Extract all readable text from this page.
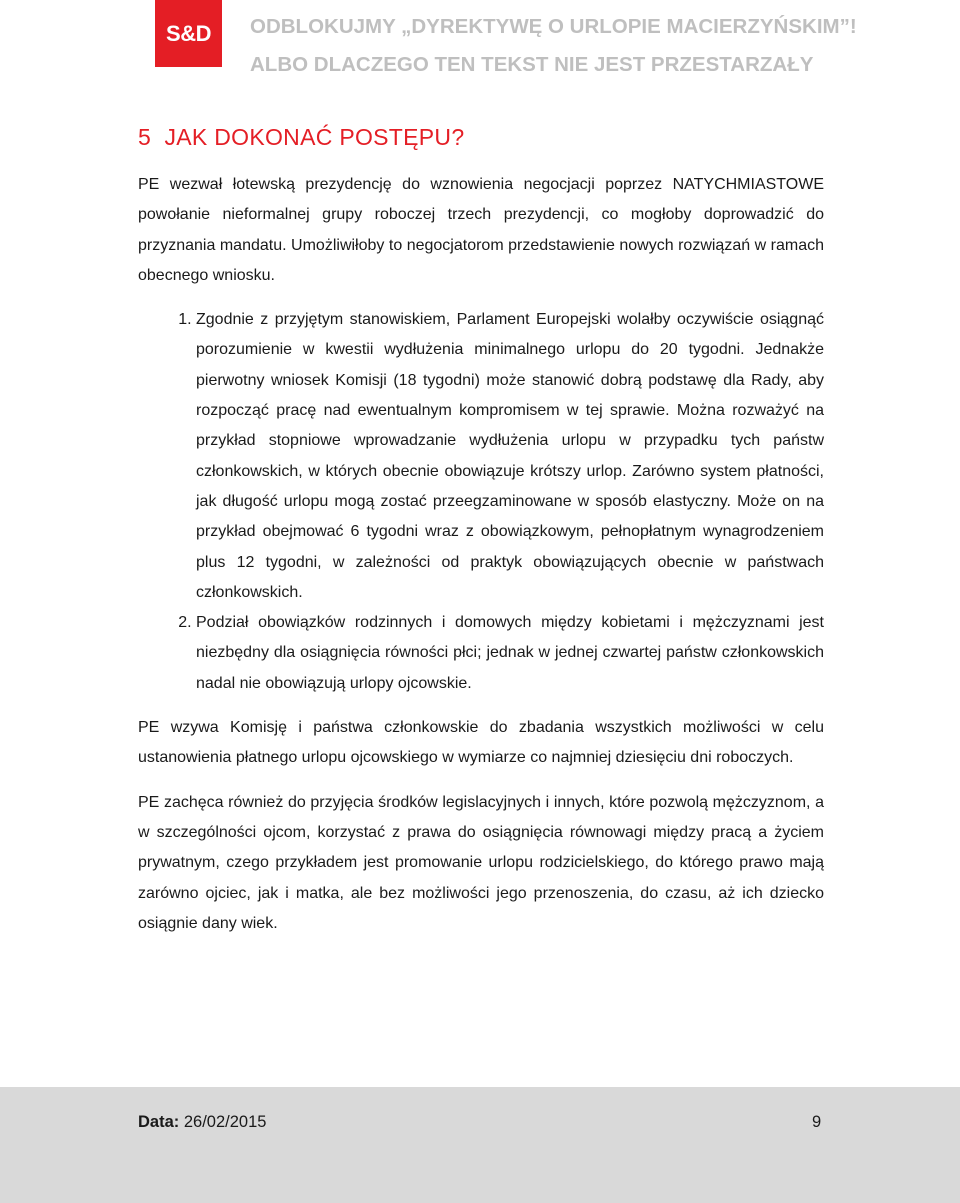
S&D ODBLOKUJMY „DYREKTYWĘ O URLOPIE MACIERZYŃSKIM”!
ALBO DLACZEGO TEN TEKST NIE JEST PRZESTARZAŁY
5  JAK DOKONAĆ POSTĘPU?

PE wezwał łotewską prezydencję do wznowienia negocjacji poprzez NATYCHMIASTOWE powołanie nieformalnej grupy roboczej trzech prezydencji, co mogłoby doprowadzić do przyznania mandatu. Umożliwiłoby to negocjatorom przedstawienie nowych rozwiązań w ramach obecnego wniosku.

1. Zgodnie z przyjętym stanowiskiem, Parlament Europejski wolałby oczywiście osiągnąć porozumienie w kwestii wydłużenia minimalnego urlopu do 20 tygodni. Jednakże pierwotny wniosek Komisji (18 tygodni) może stanowić dobrą podstawę dla Rady, aby rozpocząć pracę nad ewentualnym kompromisem w tej sprawie. Można rozważyć na przykład stopniowe wprowadzanie wydłużenia urlopu w przypadku tych państw członkowskich, w których obecnie obowiązuje krótszy urlop. Zarówno system płatności, jak długość urlopu mogą zostać przeegzaminowane w sposób elastyczny. Może on na przykład obejmować 6 tygodni wraz z obowiązkowym, pełnopłatnym wynagrodzeniem plus 12 tygodni, w zależności od praktyk obowiązujących obecnie w państwach członkowskich.
2. Podział obowiązków rodzinnych i domowych między kobietami i mężczyznami jest niezbędny dla osiągnięcia równości płci; jednak w jednej czwartej państw członkowskich nadal nie obowiązują urlopy ojcowskie.

PE wzywa Komisję i państwa członkowskie do zbadania wszystkich możliwości w celu ustanowienia płatnego urlopu ojcowskiego w wymiarze co najmniej dziesięciu dni roboczych.

PE zachęca również do przyjęcia środków legislacyjnych i innych, które pozwolą mężczyznom, a w szczególności ojcom, korzystać z prawa do osiągnięcia równowagi między pracą a życiem prywatnym, czego przykładem jest promowanie urlopu rodzicielskiego, do którego prawo mają zarówno ojciec, jak i matka, ale bez możliwości jego przenoszenia, do czasu, aż ich dziecko osiągnie dany wiek.

Data: 26/02/2015	9
